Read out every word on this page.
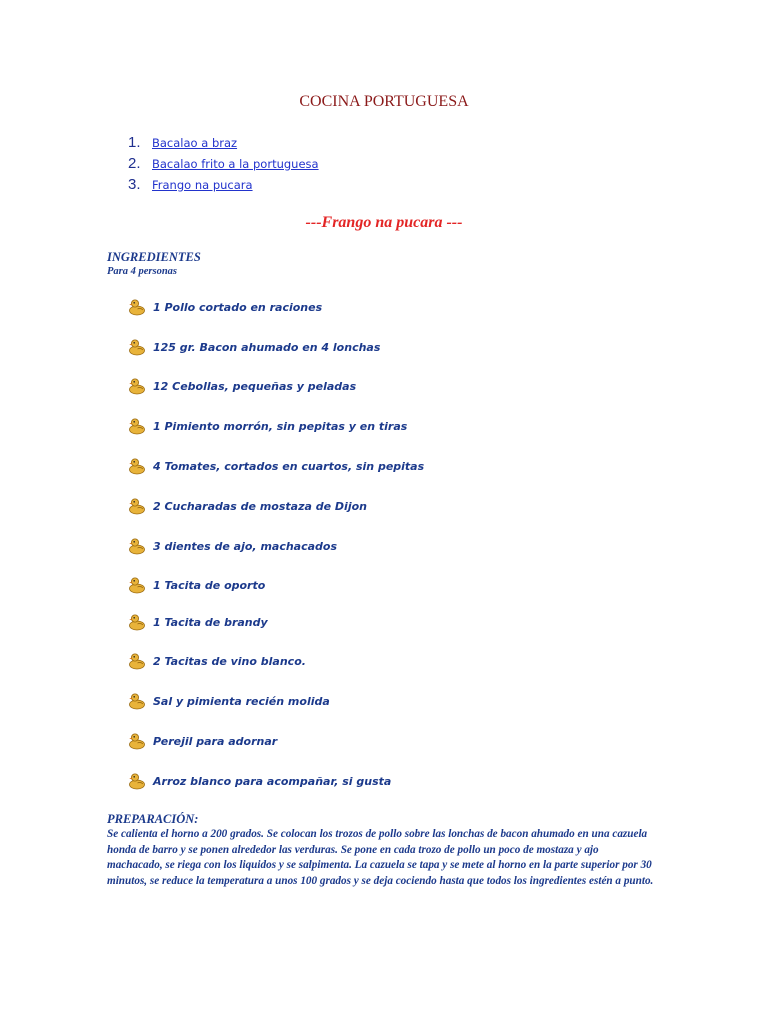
COCINA PORTUGUESA
1. Bacalao a braz
2. Bacalao frito a la portuguesa
3. Frango na pucara
---Frango na pucara ---
INGREDIENTES
Para 4 personas
1 Pollo cortado en raciones
125 gr. Bacon ahumado en 4 lonchas
12 Cebollas, pequeñas y peladas
1 Pimiento morrón, sin pepitas y en tiras
4 Tomates, cortados en cuartos, sin pepitas
2 Cucharadas de mostaza de Dijon
3 dientes de ajo, machacados
1 Tacita de oporto
1 Tacita de brandy
2 Tacitas de vino blanco.
Sal y pimienta recién molida
Perejil para adornar
Arroz blanco para acompañar, si gusta
PREPARACIÓN:
Se calienta el horno a 200 grados. Se colocan los trozos de pollo sobre las lonchas de bacon ahumado en una cazuela honda de barro y se ponen alrededor las verduras. Se pone en cada trozo de pollo un poco de mostaza y ajo machacado, se riega con los liquidos y se salpimenta. La cazuela se tapa y se mete al horno en la parte superior por 30 minutos, se reduce la temperatura a unos 100 grados y se deja cociendo hasta que todos los ingredientes estén a punto.
